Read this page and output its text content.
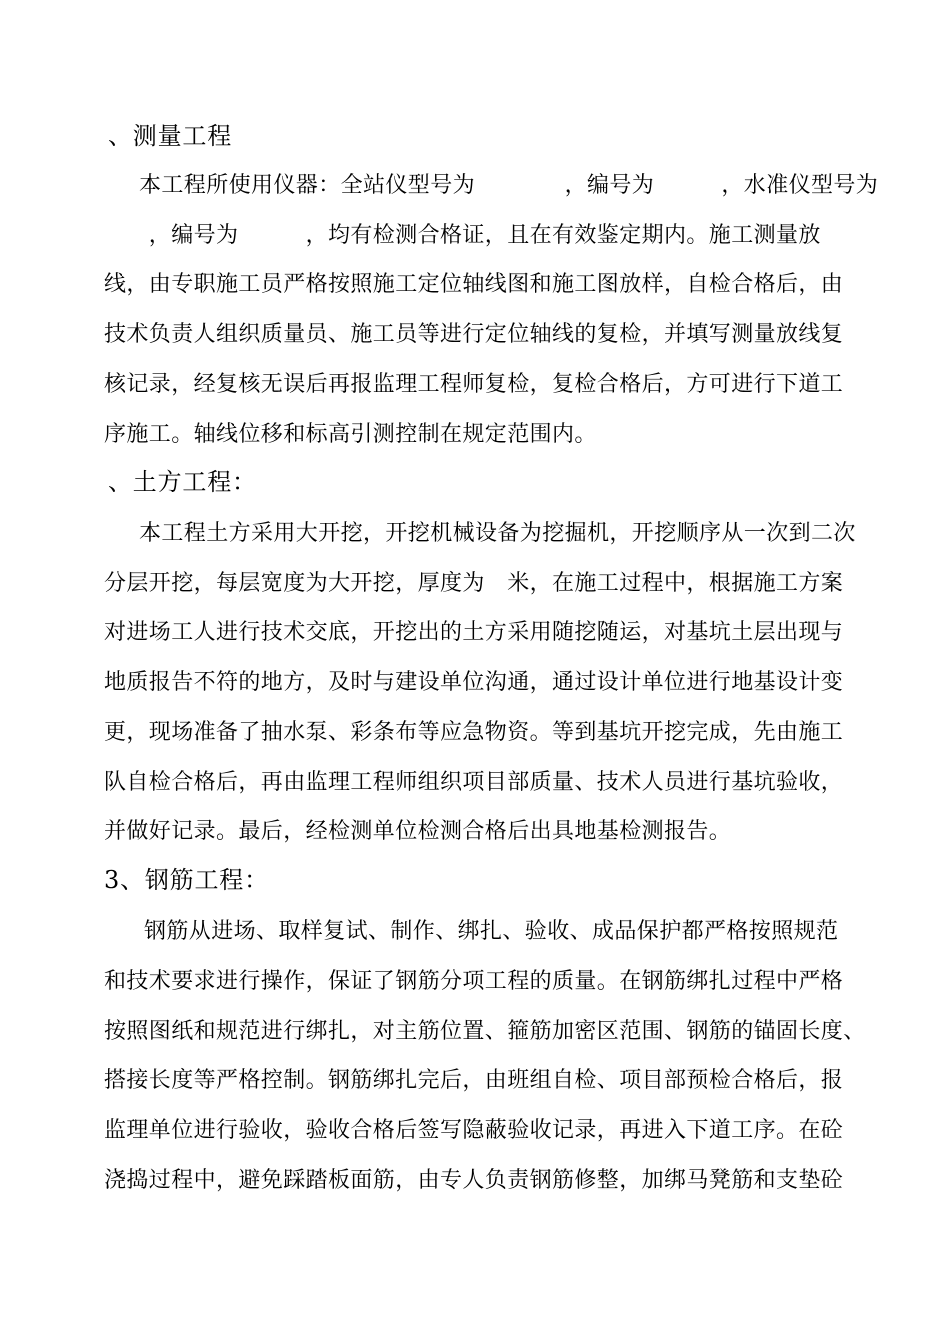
、测量工程

本工程所使用仪器：全站仪型号为　　　　，编号为　　　，水准仪型号为

　　，编号为　　　，均有检测合格证，且在有效鉴定期内。施工测量放

线，由专职施工员严格按照施工定位轴线图和施工图放样，自检合格后，由

技术负责人组织质量员、施工员等进行定位轴线的复检，并填写测量放线复

核记录，经复核无误后再报监理工程师复检，复检合格后，方可进行下道工

序施工。轴线位移和标高引测控制在规定范围内。

、土方工程：

本工程土方采用大开挖，开挖机械设备为挖掘机，开挖顺序从一次到二次

分层开挖，每层宽度为大开挖，厚度为　米，在施工过程中，根据施工方案

对进场工人进行技术交底，开挖出的土方采用随挖随运，对基坑土层出现与

地质报告不符的地方，及时与建设单位沟通，通过设计单位进行地基设计变

更，现场准备了抽水泵、彩条布等应急物资。等到基坑开挖完成，先由施工

队自检合格后，再由监理工程师组织项目部质量、技术人员进行基坑验收，

并做好记录。最后，经检测单位检测合格后出具地基检测报告。

3、钢筋工程：

钢筋从进场、取样复试、制作、绑扎、验收、成品保护都严格按照规范

和技术要求进行操作，保证了钢筋分项工程的质量。在钢筋绑扎过程中严格

按照图纸和规范进行绑扎，对主筋位置、箍筋加密区范围、钢筋的锚固长度、

搭接长度等严格控制。钢筋绑扎完后，由班组自检、项目部预检合格后，报

监理单位进行验收，验收合格后签写隐蔽验收记录，再进入下道工序。在砼

浇捣过程中，避免踩踏板面筋，由专人负责钢筋修整，加绑马凳筋和支垫砼
